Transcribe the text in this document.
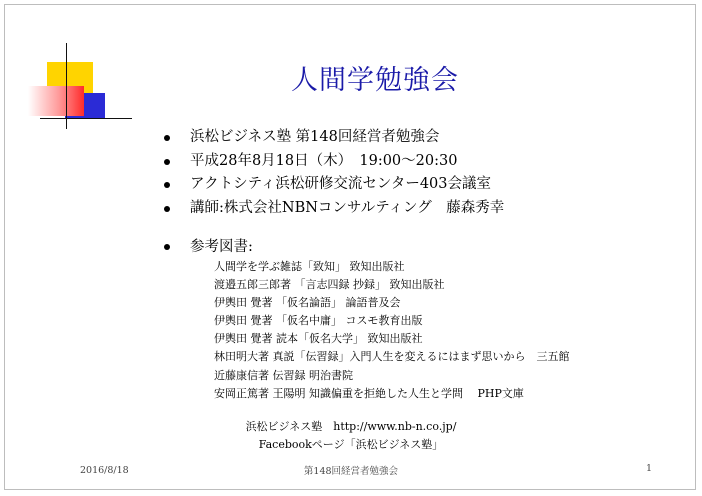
人間学勉強会
浜松ビジネス塾 第148回経営者勉強会
平成28年8月18日（木）　19:00～20:30
アクトシティ浜松研修交流センター403会議室
講師:株式会社NBNコンサルティング　藤森秀幸
参考図書:
人間学を学ぶ雑誌「致知」 致知出版社
渡邉五郎三郎著 「言志四録 抄録」 致知出版社
伊輿田 覺著 「仮名論語」 論語普及会
伊輿田 覺著 「仮名中庸」 コスモ教育出版
伊輿田 覺著 読本「仮名大学」 致知出版社
林田明大著 真説「伝習録」入門人生を変えるにはまず思いから　三五館
近藤康信著 伝習録 明治書院
安岡正篤著 王陽明 知識偏重を拒絶した人生と学問　 PHP文庫
浜松ビジネス塾　http://www.nb-n.co.jp/
Facebookページ「浜松ビジネス塾」
2016/8/18	第148回経営者勉強会	1
